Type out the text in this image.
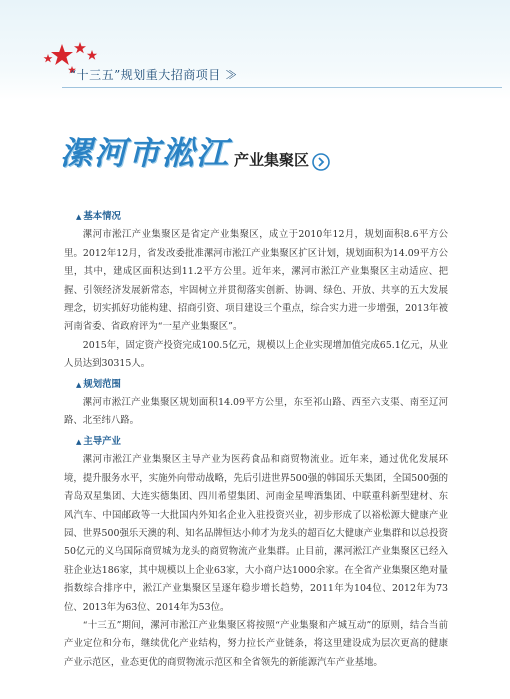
“十三五”规划重大招商项目 ≫
漯河市淞江 产业集聚区
▲ 基本情况

漯河市淞江产业集聚区是省定产业集聚区，成立于2010年12月，规划面积8.6平方公里。2012年12月，省发改委批准漯河市淞江产业集聚区扩区计划，规划面积为14.09平方公里，其中，建成区面积达到11.2平方公里。近年来，漯河市淞江产业集聚区主动适应、把握、引领经济发展新常态，牢固树立并贯彻落实创新、协调、绿色、开放、共享的五大发展理念，切实抓好功能构建、招商引资、项目建设三个重点，综合实力进一步增强，2013年被河南省委、省政府评为“一星产业集聚区”。

2015年，固定资产投资完成100.5亿元，规模以上企业实现增加值完成65.1亿元，从业人员达到30315人。

▲ 规划范围

漯河市淞江产业集聚区规划面积14.09平方公里，东至祁山路、西至六支渠、南至辽河路、北至纬八路。

▲ 主导产业

漯河市淞江产业集聚区主导产业为医药食品和商贸物流业。近年来，通过优化发展环境，提升服务水平，实施外向带动战略，先后引进世界500强的韩国乐天集团，全国500强的青岛双星集团、大连实德集团、四川希望集团、河南金星啤酒集团、中联重科新型建材、东风汽车、中国邮政等一大批国内外知名企业入驻投资兴业，初步形成了以裕松源大健康产业园、世界500强乐天澳的利、知名品牌恒达小帅才为龙头的超百亿大健康产业集群和以总投资50亿元的义乌国际商贸城为龙头的商贸物流产业集群。止目前，漯河淞江产业集聚区已经入驻企业达186家，其中规模以上企业63家，大小商户达1000余家。在全省产业集聚区绝对量指数综合排序中，淞江产业集聚区呈逐年稳步增长趋势，2011年为104位、2012年为73位、2013年为63位、2014年为53位。

“十三五”期间，漯河市淞江产业集聚区将按照“产业集聚和产城互动”的原则，结合当前产业定位和分布，继续优化产业结构，努力拉长产业链条，将这里建设成为层次更高的健康产业示范区，业态更优的商贸物流示范区和全省领先的新能源汽车产业基地。
